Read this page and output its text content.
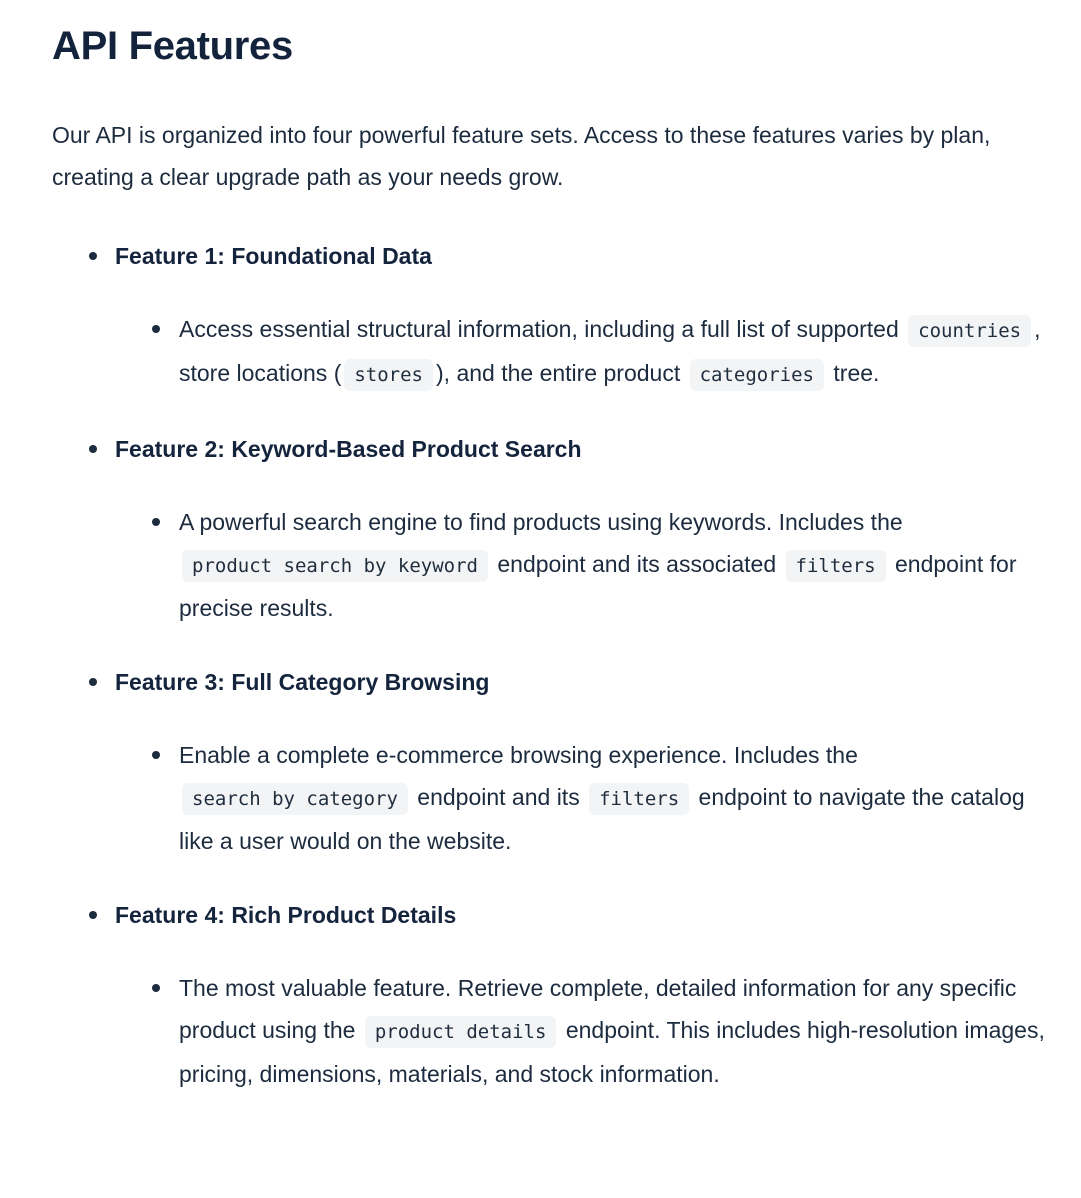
API Features

Our API is organized into four powerful feature sets. Access to these features varies by plan, creating a clear upgrade path as your needs grow.

Feature 1: Foundational Data
Access essential structural information, including a full list of supported countries , store locations ( stores ), and the entire product categories tree.
Feature 2: Keyword-Based Product Search
A powerful search engine to find products using keywords. Includes the product search by keyword endpoint and its associated filters endpoint for precise results.
Feature 3: Full Category Browsing
Enable a complete e-commerce browsing experience. Includes the search by category endpoint and its filters endpoint to navigate the catalog like a user would on the website.
Feature 4: Rich Product Details
The most valuable feature. Retrieve complete, detailed information for any specific product using the product details endpoint. This includes high-resolution images, pricing, dimensions, materials, and stock information.
